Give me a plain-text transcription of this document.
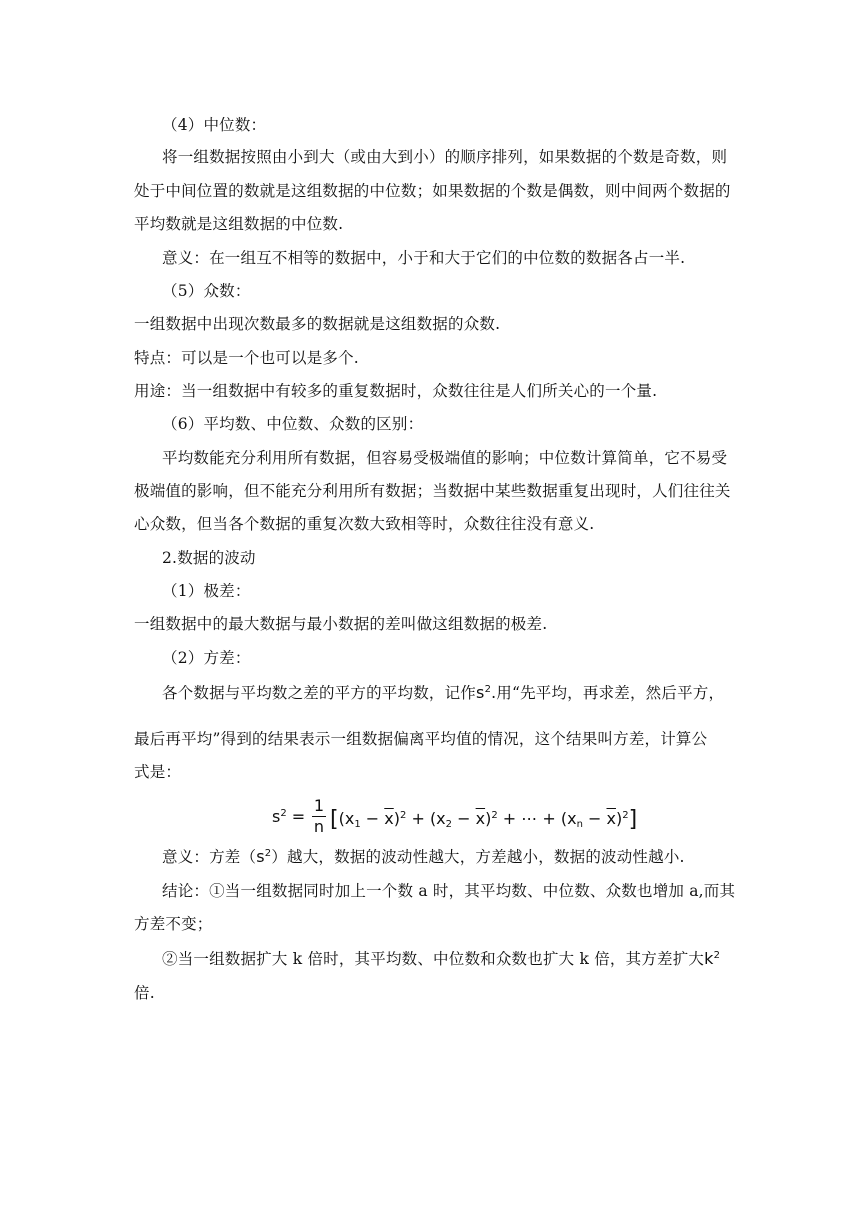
（4）中位数：
将一组数据按照由小到大（或由大到小）的顺序排列，如果数据的个数是奇数，则
处于中间位置的数就是这组数据的中位数；如果数据的个数是偶数，则中间两个数据的
平均数就是这组数据的中位数.
意义：在一组互不相等的数据中，小于和大于它们的中位数的数据各占一半.
（5）众数：
一组数据中出现次数最多的数据就是这组数据的众数.
特点：可以是一个也可以是多个.
用途：当一组数据中有较多的重复数据时，众数往往是人们所关心的一个量.
（6）平均数、中位数、众数的区别：
平均数能充分利用所有数据，但容易受极端值的影响；中位数计算简单，它不易受
极端值的影响，但不能充分利用所有数据；当数据中某些数据重复出现时，人们往往关
心众数，但当各个数据的重复次数大致相等时，众数往往没有意义.
2.数据的波动
（1）极差：
一组数据中的最大数据与最小数据的差叫做这组数据的极差.
（2）方差：
各个数据与平均数之差的平方的平均数，记作$s^2$.用“先平均，再求差，然后平方，
最后再平均”得到的结果表示一组数据偏离平均值的情况，这个结果叫方差，计算公
式是：
$s^2 = \frac{1}{n} [(x_1 - \overline{x})^2 + (x_2 - \overline{x})^2$ + ⋯ + $(x_n - \overline{x})^2$]
意义：方差$(s^2)$越大，数据的波动性越大，方差越小，数据的波动性越小.
结论：①当一组数据同时加上一个数 a 时，其平均数、中位数、众数也增加 a,而其
方差不变；
②当一组数据扩大 k 倍时，其平均数、中位数和众数也扩大 k 倍，其方差扩大$k^2$
倍.
